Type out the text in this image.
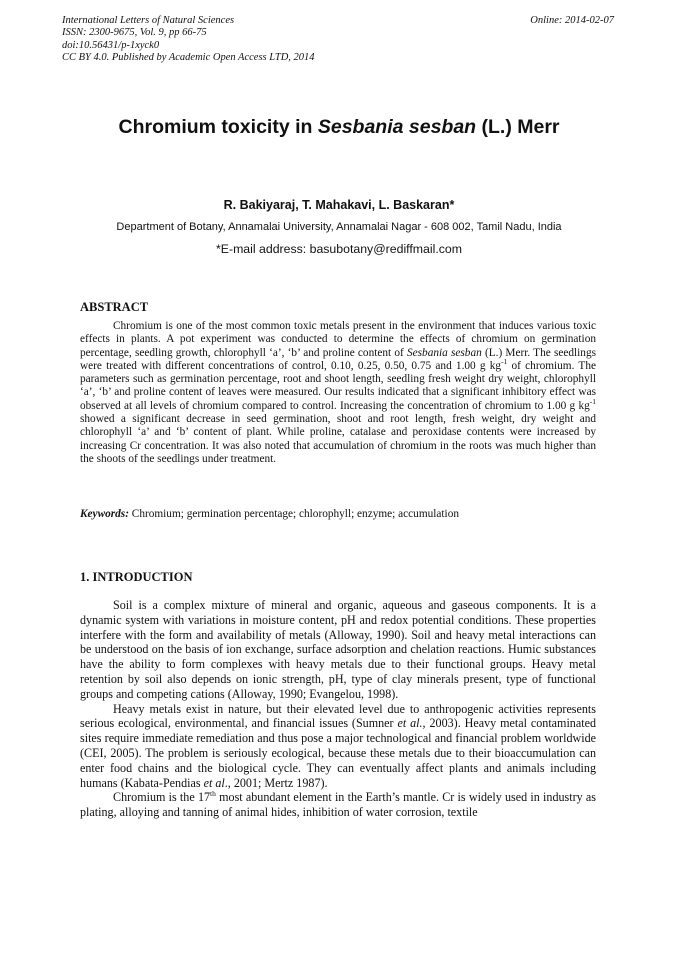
International Letters of Natural Sciences
ISSN: 2300-9675, Vol. 9, pp 66-75
doi:10.56431/p-1xyck0
CC BY 4.0. Published by Academic Open Access LTD, 2014
Online: 2014-02-07
Chromium toxicity in Sesbania sesban (L.) Merr
R. Bakiyaraj, T. Mahakavi, L. Baskaran*
Department of Botany, Annamalai University, Annamalai Nagar - 608 002, Tamil Nadu, India
*E-mail address: basubotany@rediffmail.com
ABSTRACT

Chromium is one of the most common toxic metals present in the environment that induces various toxic effects in plants. A pot experiment was conducted to determine the effects of chromium on germination percentage, seedling growth, chlorophyll ‘a’, ‘b’ and proline content of Sesbania sesban (L.) Merr. The seedlings were treated with different concentrations of control, 0.10, 0.25, 0.50, 0.75 and 1.00 g $kg^{-1}$ of chromium. The parameters such as germination percentage, root and shoot length, seedling fresh weight dry weight, chlorophyll ‘a’, ‘b’ and proline content of leaves were measured. Our results indicated that a significant inhibitory effect was observed at all levels of chromium compared to control. Increasing the concentration of chromium to 1.00 g $kg^{-1}$ showed a significant decrease in seed germination, shoot and root length, fresh weight, dry weight and chlorophyll ‘a’ and ‘b’ content of plant. While proline, catalase and peroxidase contents were increased by increasing Cr concentration. It was also noted that accumulation of chromium in the roots was much higher than the shoots of the seedlings under treatment.

Keywords: Chromium; germination percentage; chlorophyll; enzyme; accumulation
1. INTRODUCTION

Soil is a complex mixture of mineral and organic, aqueous and gaseous components. It is a dynamic system with variations in moisture content, pH and redox potential conditions. These properties interfere with the form and availability of metals (Alloway, 1990). Soil and heavy metal interactions can be understood on the basis of ion exchange, surface adsorption and chelation reactions. Humic substances have the ability to form complexes with heavy metals due to their functional groups. Heavy metal retention by soil also depends on ionic strength, pH, type of clay minerals present, type of functional groups and competing cations (Alloway, 1990; Evangelou, 1998).

Heavy metals exist in nature, but their elevated level due to anthropogenic activities represents serious ecological, environmental, and financial issues (Sumner et al., 2003). Heavy metal contaminated sites require immediate remediation and thus pose a major technological and financial problem worldwide (CEI, 2005). The problem is seriously ecological, because these metals due to their bioaccumulation can enter food chains and the biological cycle. They can eventually affect plants and animals including humans (Kabata-Pendias et al., 2001; Mertz 1987).

Chromium is the 17th most abundant element in the Earth’s mantle. Cr is widely used in industry as plating, alloying and tanning of animal hides, inhibition of water corrosion, textile
